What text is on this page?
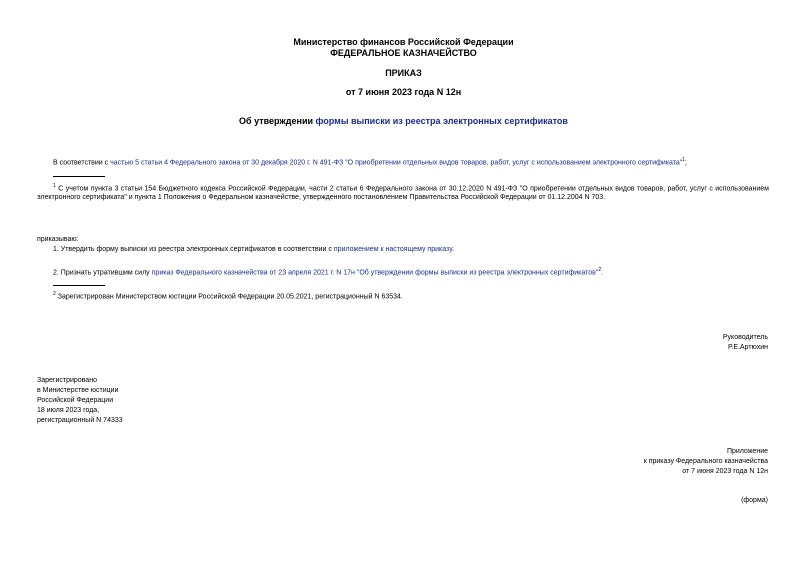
Министерство финансов Российской Федерации
ФЕДЕРАЛЬНОЕ КАЗНАЧЕЙСТВО
ПРИКАЗ
от 7 июня 2023 года N 12н
Об утверждении формы выписки из реестра электронных сертификатов
В соответствии с частью 5 статьи 4 Федерального закона от 30 декабря 2020 г. N 491-ФЗ "О приобретении отдельных видов товаров, работ, услуг с использованием электронного сертификата"$^1$;
$^1$ С учетом пункта 3 статьи 154 Бюджетного кодекса Российской Федерации, части 2 статьи 6 Федерального закона от 30.12.2020 N 491-ФЗ "О приобретении отдельных видов товаров, работ, услуг с использованием электронного сертификата" и пункта 1 Положения о Федеральном казначействе, утвержденного постановлением Правительства Российской Федерации от 01.12.2004 N 703.
приказываю:
1. Утвердить форму выписки из реестра электронных сертификатов в соответствии с приложением к настоящему приказу.
2. Признать утратившим силу приказ Федерального казначейства от 23 апреля 2021 г. N 17н "Об утверждении формы выписки из реестра электронных сертификатов"$^2$.
$^2$ Зарегистрирован Министерством юстиции Российской Федерации 20.05.2021, регистрационный N 63534.
Руководитель
Р.Е.Артюхин
Зарегистрировано
в Министерстве юстиции
Российской Федерации
18 июля 2023 года,
регистрационный N 74333
Приложение
к приказу Федерального казначейства
от 7 июня 2023 года N 12н
(форма)
